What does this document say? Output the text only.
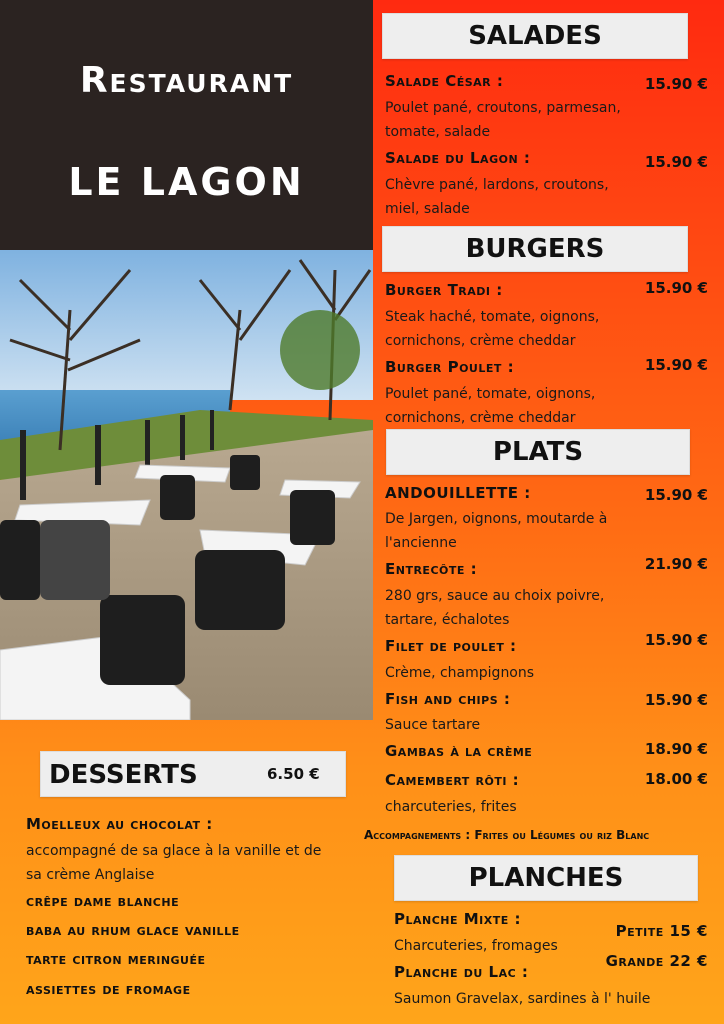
Restaurant
LE LAGON
SALADES
Salade César :	15.90 €
Poulet pané, croutons, parmesan,
tomate, salade
Salade du Lagon :	15.90 €
Chèvre pané, lardons, croutons,
miel, salade
BURGERS
Burger Tradi :	15.90 €
Steak haché, tomate, oignons,
cornichons, crème cheddar
Burger Poulet :	15.90 €
Poulet pané, tomate, oignons,
cornichons, crème cheddar
PLATS
ANDOUILLETTE :	15.90 €
De Jargen, oignons, moutarde à
l'ancienne
Entrecôte :	21.90 €
280 grs, sauce au choix poivre,
tartare, échalotes
Filet de poulet :	15.90 €
Crème, champignons
Fish and chips :	15.90 €
Sauce tartare
Gambas à la crème	18.90 €
Camembert rôti :	18.00 €
charcuteries, frites
Accompagnements : Frites ou Légumes ou riz Blanc
PLANCHES
Planche Mixte :
Charcuteries, fromages
Petite 15 €
Grande 22 €
Planche du Lac :
Saumon Gravelax, sardines à l' huile
DESSERTS	6.50 €
Moelleux au chocolat :
accompagné de sa glace à la vanille et de
sa crème Anglaise
crêpe dame blanche
baba au rhum glace vanille
tarte citron meringuée
assiettes de fromage
